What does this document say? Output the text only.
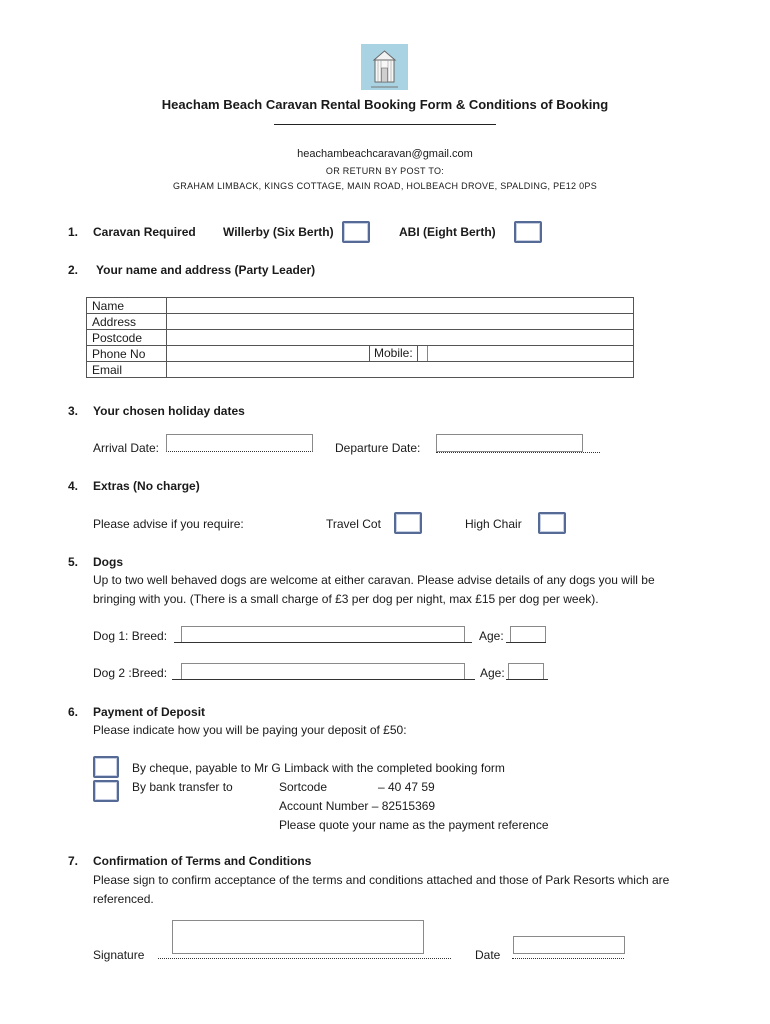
Heacham Beach Caravan Rental Booking Form & Conditions of Booking
heachambeachcaravan@gmail.com
OR RETURN BY POST TO:
GRAHAM LIMBACK, KINGS COTTAGE, MAIN ROAD, HOLBEACH DROVE, SPALDING, PE12 0PS
1. Caravan Required Willerby (Six Berth)	ABI (Eight Berth)
2. Your name and address (Party Leader)
Name	
Address	
Postcode	
Phone No	Mobile:

Email	
3. Your chosen holiday dates
Arrival Date:	Departure Date:
4. Extras (No charge)
Please advise if you require:	Travel Cot	High Chair
5. Dogs
Up to two well behaved dogs are welcome at either caravan. Please advise details of any dogs you will be
bringing with you. (There is a small charge of £3 per dog per night, max £15 per dog per week).
Dog 1: Breed:	Age:
Dog 2 :Breed:	Age:
6. Payment of Deposit
Please indicate how you will be paying your deposit of £50:
By cheque, payable to Mr G Limback with the completed booking form
By bank transfer to	Sortcode	– 40 47 59
Account Number – 82515369
Please quote your name as the payment reference
7. Confirmation of Terms and Conditions
Please sign to confirm acceptance of the terms and conditions attached and those of Park Resorts which are
referenced.
Signature	Date
